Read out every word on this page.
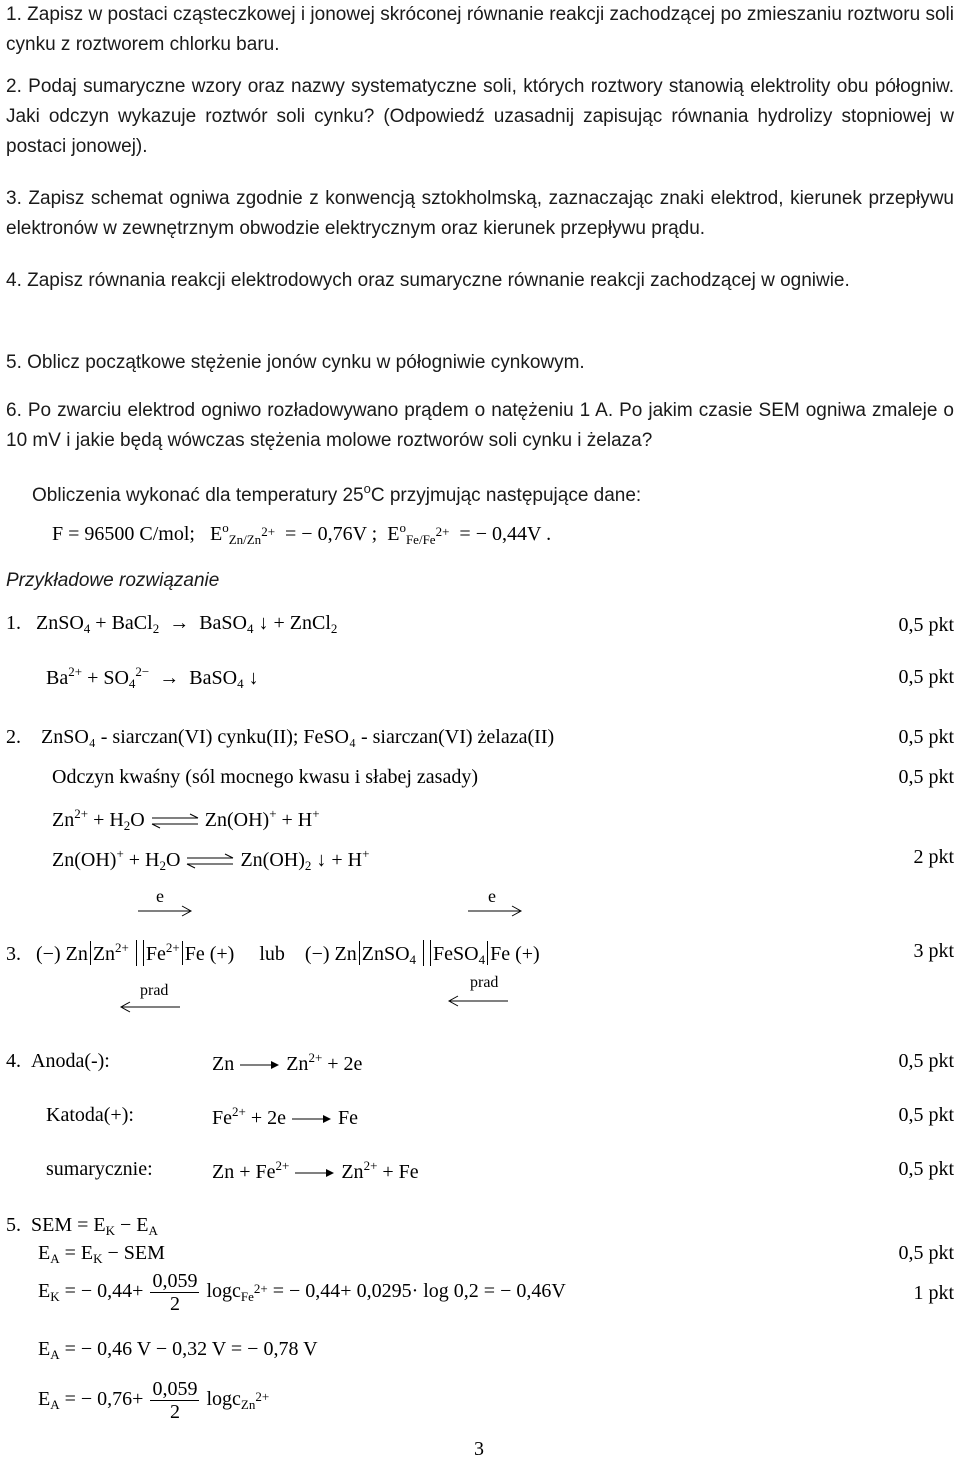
1. Zapisz w postaci cząsteczkowej i jonowej skróconej równanie reakcji zachodzącej po zmieszaniu roztworu soli cynku z roztworem chlorku baru.
2. Podaj sumaryczne wzory oraz nazwy systematyczne soli, których roztwory stanowią elektrolity obu półogniw. Jaki odczyn wykazuje roztwór soli cynku? (Odpowiedź uzasadnij zapisując równania hydrolizy stopniowej w postaci jonowej).
3. Zapisz schemat ogniwa zgodnie z konwencją sztokholmską, zaznaczając znaki elektrod, kierunek przepływu elektronów w zewnętrznym obwodzie elektrycznym oraz kierunek przepływu prądu.
4. Zapisz równania reakcji elektrodowych oraz sumaryczne równanie reakcji zachodzącej w ogniwie.
5. Oblicz początkowe stężenie jonów cynku w półogniwie cynkowym.
6. Po zwarciu elektrod ogniwo rozładowywano prądem o natężeniu 1 A. Po jakim czasie SEM ogniwa zmaleje o 10 mV i jakie będą wówczas stężenia molowe roztworów soli cynku i żelaza?
Obliczenia wykonać dla temperatury 25$^o$C przyjmując następujące dane:
F = 96500 C/mol; $E^o_{Zn/Zn^{2+}}$ = − 0,76V ; $E^o_{Fe/Fe^{2+}}$ = − 0,44V .
Przykładowe rozwiązanie
1. ZnSO$_4$ + BaCl$_2$  →  BaSO$_4$ ↓ + ZnCl$_2$	0,5 pkt
$Ba^{2+} + SO_4^{2-}$  →  BaSO$_4$ ↓	0,5 pkt
2. ZnSO₄ - siarczan(VI) cynku(II); FeSO₄ - siarczan(VI) żelaza(II)	0,5 pkt
Odczyn kwaśny (sól mocnego kwasu i słabej zasady)	0,5 pkt
$Zn^{2+} + H_2O$ ⇌ Zn(OH)+ + H+
$Zn(OH)^+ + H_2O$ ⇌ $Zn(OH)_2$ ↓ + H+	2 pkt
e	e
3. (−) Zn $Zn^{2+}$ $Fe^{2+}$ Fe (+) lub (−) Zn ZnSO$_4$ FeSO$_4$ Fe (+)	3 pkt
prad	prad
4. Anoda(-):	$Zn \to Zn^{2+} + 2e$	0,5 pkt
Katoda(+):	$Fe^{2+} + 2e \to Fe$	0,5 pkt
sumarycznie:	$Zn + Fe^{2+} \to Zn^{2+} + Fe$	0,5 pkt
5. SEM = $E_K - E_A$
$E_A = E_K$ − SEM	0,5 pkt
$E_K$ = − $0,44+ \frac{0,059}{2} \log c_{Fe^{2+}}$ = − 0,44+ 0,0295· log 0,2 = − 0,46V	1 pkt
$E_A$ = − 0,46 V − 0,32 V = − 0,78 V
$E_A$ = − $0,76+ \frac{0,059}{2} \log c_{Zn^{2+}}$
3
